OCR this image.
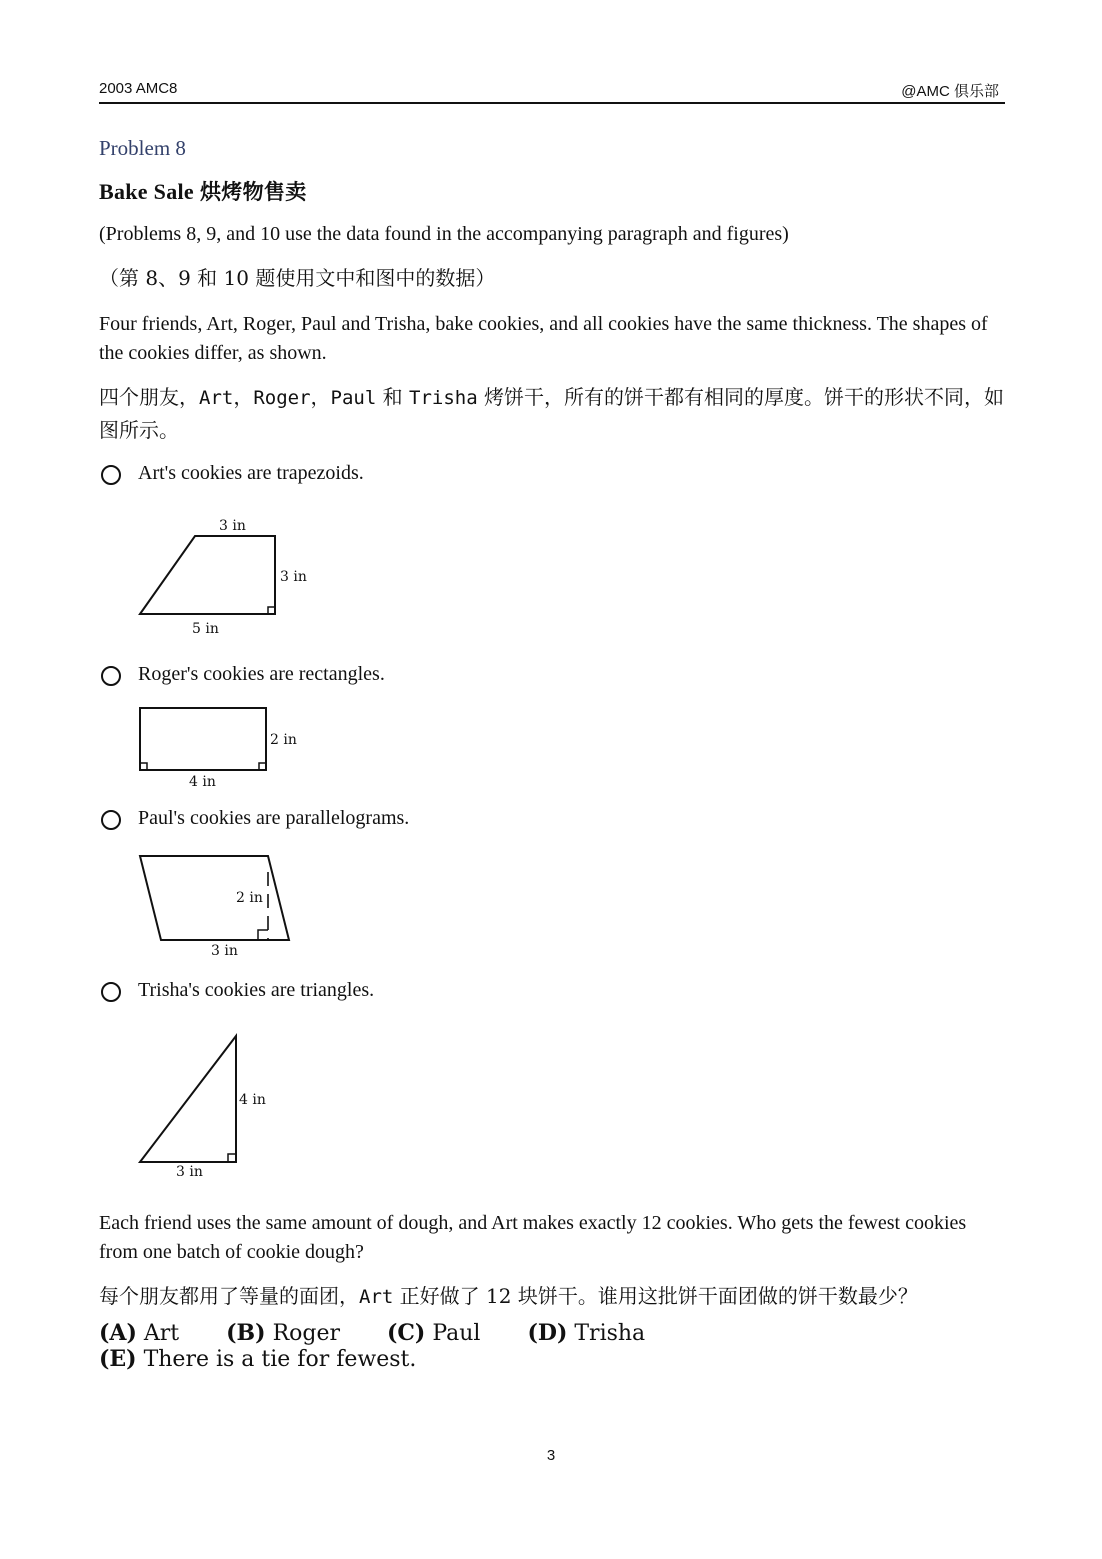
2003 AMC8	@AMC 俱乐部
Problem 8
Bake Sale 烘烤物售卖
(Problems 8, 9, and 10 use the data found in the accompanying paragraph and figures)
（第 8、9 和 10 题使用文中和图中的数据）
Four friends, Art, Roger, Paul and Trisha, bake cookies, and all cookies have the same thickness. The shapes of the cookies differ, as shown.
四个朋友，Art，Roger，Paul 和 Trisha 烤饼干，所有的饼干都有相同的厚度。饼干的形状不同，如图所示。
Art's cookies are trapezoids.
Roger's cookies are rectangles.
Paul's cookies are parallelograms.
Trisha's cookies are triangles.
3 in
3 in
5 in
2 in
4 in
2 in
3 in
4 in
3 in
Each friend uses the same amount of dough, and Art makes exactly 12 cookies. Who gets the fewest cookies from one batch of cookie dough?
每个朋友都用了等量的面团，Art 正好做了 12 块饼干。谁用这批饼干面团做的饼干数最少？
(A) Art (B) Roger (C) Paul (D) Trisha (E) There is a tie for fewest.
3
